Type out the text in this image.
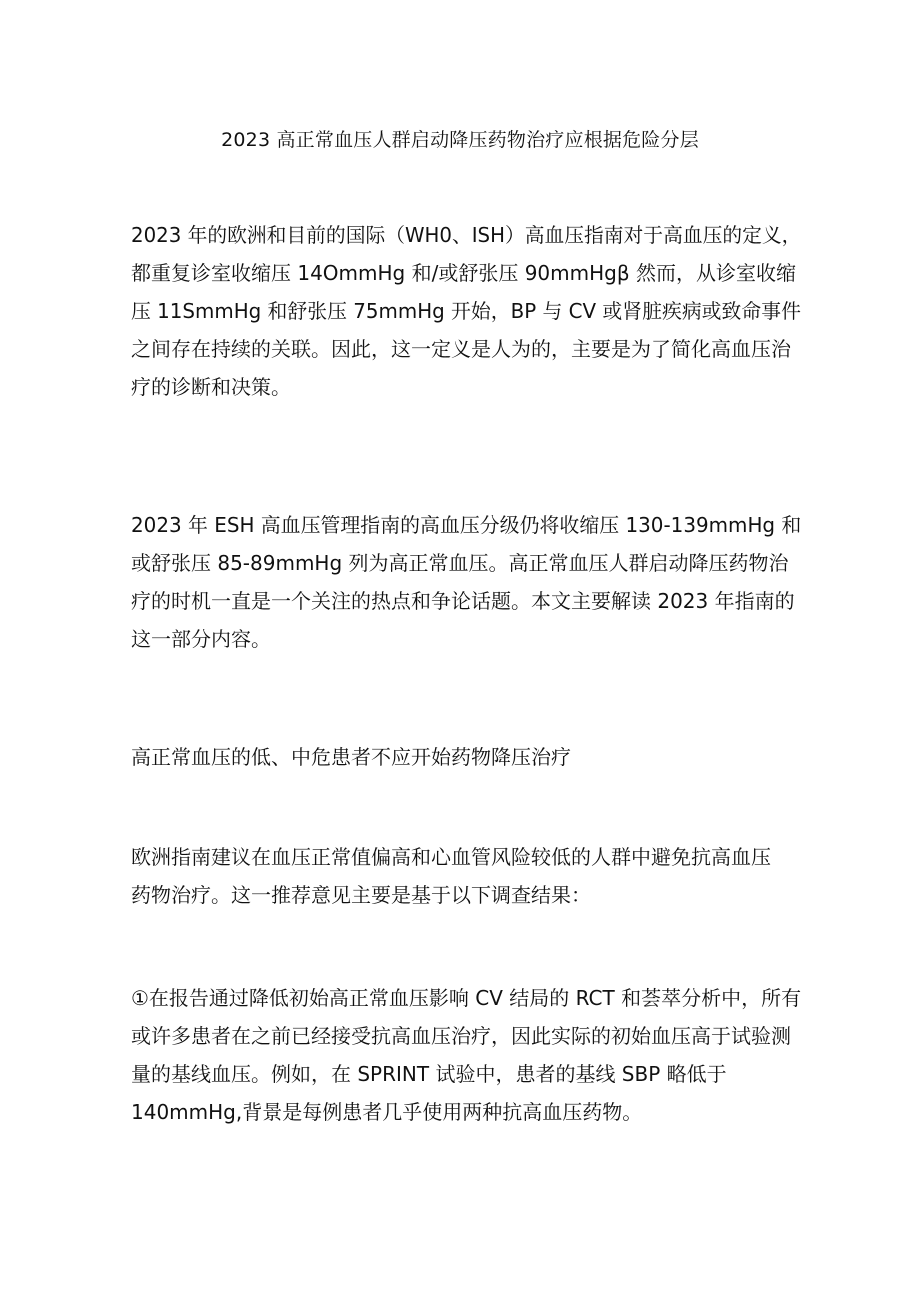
2023 高正常血压人群启动降压药物治疗应根据危险分层

2023 年的欧洲和目前的国际（WH0、ISH）高血压指南对于高血压的定义，
都重复诊室收缩压 14OmmHg 和/或舒张压 90mmHgβ 然而，从诊室收缩
压 11SmmHg 和舒张压 75mmHg 开始，BP 与 CV 或肾脏疾病或致命事件
之间存在持续的关联。因此，这一定义是人为的，主要是为了简化高血压治
疗的诊断和决策。

2023 年 ESH 高血压管理指南的高血压分级仍将收缩压 130-139mmHg 和
或舒张压 85-89mmHg 列为高正常血压。高正常血压人群启动降压药物治
疗的时机一直是一个关注的热点和争论话题。本文主要解读 2023 年指南的
这一部分内容。

高正常血压的低、中危患者不应开始药物降压治疗

欧洲指南建议在血压正常值偏高和心血管风险较低的人群中避免抗高血压
药物治疗。这一推荐意见主要是基于以下调查结果：

①在报告通过降低初始高正常血压影响 CV 结局的 RCT 和荟萃分析中，所有
或许多患者在之前已经接受抗高血压治疗，因此实际的初始血压高于试验测
量的基线血压。例如，在 SPRINT 试验中，患者的基线 SBP 略低于
140mmHg,背景是每例患者几乎使用两种抗高血压药物。
